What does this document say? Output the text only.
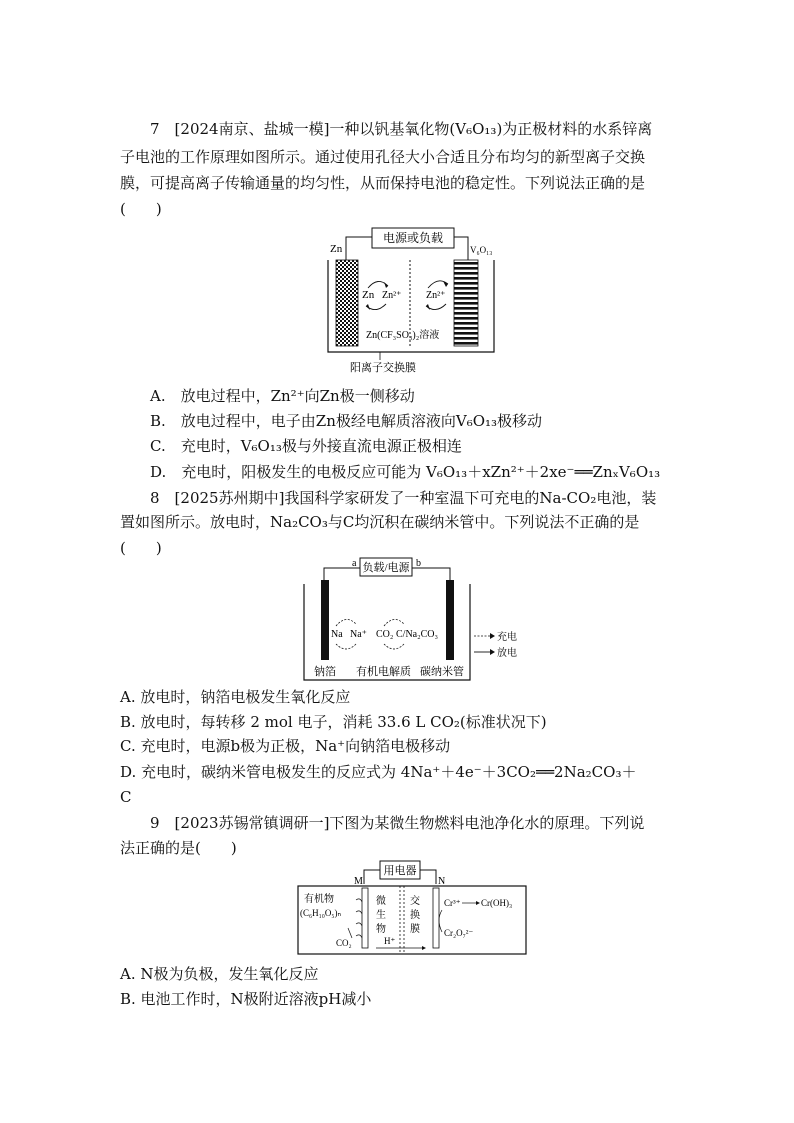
7　[2024南京、盐城一模]一种以钒基氧化物(V₆O₁₃)为正极材料的水系锌离
子电池的工作原理如图所示。通过使用孔径大小合适且分布均匀的新型离子交换
膜，可提高离子传输通量的均匀性，从而保持电池的稳定性。下列说法正确的是
(　　)
电源或负载
Zn	V₆O₁₃
Zn Zn²⁺ Zn²⁺
Zn(CF₃SO₃)₂溶液
阳离子交换膜
A.　放电过程中，Zn²⁺向Zn极一侧移动
B.　放电过程中，电子由Zn极经电解质溶液向V₆O₁₃极移动
C.　充电时，V₆O₁₃极与外接直流电源正极相连
D.　充电时，阳极发生的电极反应可能为 V₆O₁₃＋xZn²⁺＋2xe⁻══ZnₓV₆O₁₃
8　[2025苏州期中]我国科学家研发了一种室温下可充电的Na-CO₂电池，装
置如图所示。放电时，Na₂CO₃与C均沉积在碳纳米管中。下列说法不正确的是
(　　)
a	b
负载/电源
Na Na⁺ CO₂ C/Na₂CO₃	充电
放电
钠箔 有机电解质 碳纳米管
A. 放电时，钠箔电极发生氧化反应
B. 放电时，每转移 2 mol 电子，消耗 33.6 L CO₂(标准状况下)
C. 充电时，电源b极为正极，Na⁺向钠箔电极移动
D. 充电时，碳纳米管电极发生的反应式为 4Na⁺＋4e⁻＋3CO₂══2Na₂CO₃＋
C
9　[2023苏锡常镇调研一]下图为某微生物燃料电池净化水的原理。下列说
法正确的是(　　)
用电器
M	N
有机物
(C₆H₁₀O₅)ₙ
CO₂
微
生
物
H⁺
交
换
膜
Cr³⁺ Cr(OH)₃
Cr₂O₇²⁻
A. N极为负极，发生氧化反应
B. 电池工作时，N极附近溶液pH减小
